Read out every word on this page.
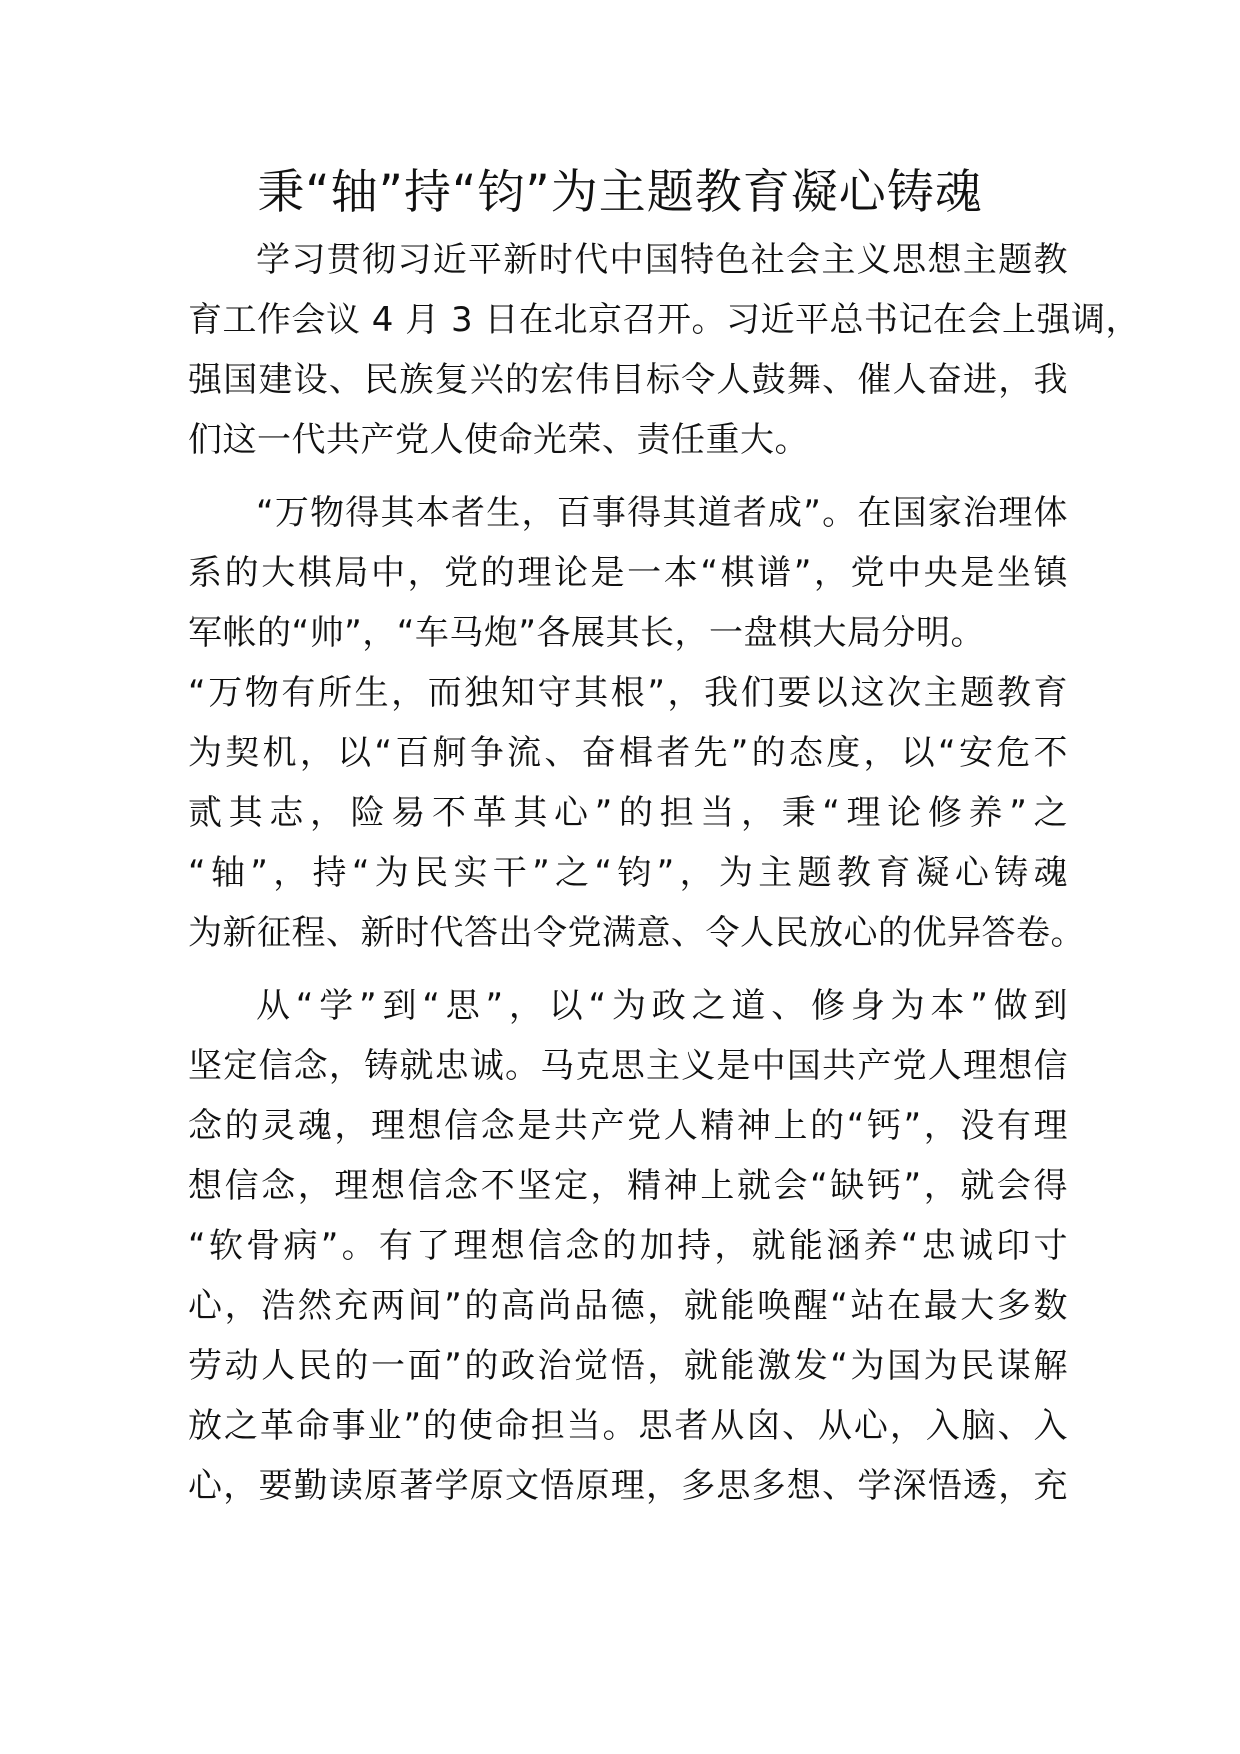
秉“轴”持“钧”为主题教育凝心铸魂
学习贯彻习近平新时代中国特色社会主义思想主题教
育工作会议 4 月 3 日在北京召开。习近平总书记在会上强调，
强国建设、民族复兴的宏伟目标令人鼓舞、催人奋进，我
们这一代共产党人使命光荣、责任重大。
“万物得其本者生，百事得其道者成”。在国家治理体
系的大棋局中，党的理论是一本“棋谱”，党中央是坐镇
军帐的“帅”，“车马炮”各展其长，一盘棋大局分明。
“万物有所生，而独知守其根”，我们要以这次主题教育
为契机，以“百舸争流、奋楫者先”的态度，以“安危不
贰其志，险易不革其心”的担当，秉“理论修养”之
“轴”，持“为民实干”之“钧”，为主题教育凝心铸魂
为新征程、新时代答出令党满意、令人民放心的优异答卷。
从“学”到“思”，以“为政之道、修身为本”做到
坚定信念，铸就忠诚。马克思主义是中国共产党人理想信
念的灵魂，理想信念是共产党人精神上的“钙”，没有理
想信念，理想信念不坚定，精神上就会“缺钙”，就会得
“软骨病”。有了理想信念的加持，就能涵养“忠诚印寸
心，浩然充两间”的高尚品德，就能唤醒“站在最大多数
劳动人民的一面”的政治觉悟，就能激发“为国为民谋解
放之革命事业”的使命担当。思者从囟、从心，入脑、入
心，要勤读原著学原文悟原理，多思多想、学深悟透，充
